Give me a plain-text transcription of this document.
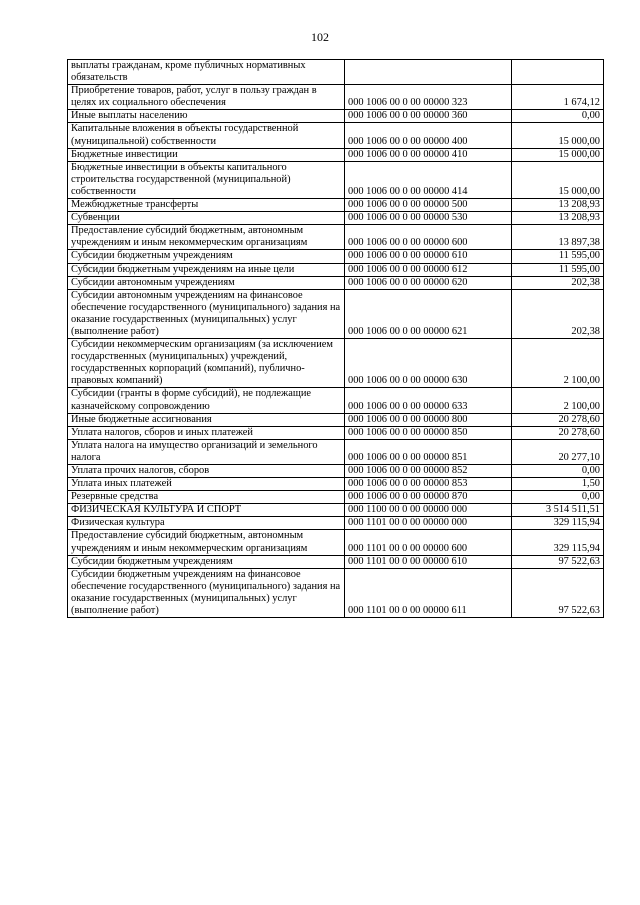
102
выплаты гражданам, кроме публичных нормативных обязательств		
Приобретение товаров, работ, услуг в пользу граждан в целях их социального обеспечения	000 1006 00 0 00 00000 323	1 674,12
Иные выплаты населению	000 1006 00 0 00 00000 360	0,00
Капитальные вложения в объекты государственной (муниципальной) собственности	000 1006 00 0 00 00000 400	15 000,00
Бюджетные инвестиции	000 1006 00 0 00 00000 410	15 000,00
Бюджетные инвестиции в объекты капитального строительства государственной (муниципальной) собственности	000 1006 00 0 00 00000 414	15 000,00
Межбюджетные трансферты	000 1006 00 0 00 00000 500	13 208,93
Субвенции	000 1006 00 0 00 00000 530	13 208,93
Предоставление субсидий бюджетным, автономным учреждениям и иным некоммерческим организациям	000 1006 00 0 00 00000 600	13 897,38
Субсидии бюджетным учреждениям	000 1006 00 0 00 00000 610	11 595,00
Субсидии бюджетным учреждениям на иные цели	000 1006 00 0 00 00000 612	11 595,00
Субсидии автономным учреждениям	000 1006 00 0 00 00000 620	202,38
Субсидии автономным учреждениям на финансовое обеспечение государственного (муниципального) задания на оказание государственных (муниципальных) услуг (выполнение работ)	000 1006 00 0 00 00000 621	202,38
Субсидии некоммерческим организациям (за исключением государственных (муниципальных) учреждений, государственных корпораций (компаний), публично-правовых компаний)	000 1006 00 0 00 00000 630	2 100,00
Субсидии (гранты в форме субсидий), не подлежащие казначейскому сопровождению	000 1006 00 0 00 00000 633	2 100,00
Иные бюджетные ассигнования	000 1006 00 0 00 00000 800	20 278,60
Уплата налогов, сборов и иных платежей	000 1006 00 0 00 00000 850	20 278,60
Уплата налога на имущество организаций и земельного налога	000 1006 00 0 00 00000 851	20 277,10
Уплата прочих налогов, сборов	000 1006 00 0 00 00000 852	0,00
Уплата иных платежей	000 1006 00 0 00 00000 853	1,50
Резервные средства	000 1006 00 0 00 00000 870	0,00
ФИЗИЧЕСКАЯ КУЛЬТУРА И СПОРТ	000 1100 00 0 00 00000 000	3 514 511,51
Физическая культура	000 1101 00 0 00 00000 000	329 115,94
Предоставление субсидий бюджетным, автономным учреждениям и иным некоммерческим организациям	000 1101 00 0 00 00000 600	329 115,94
Субсидии бюджетным учреждениям	000 1101 00 0 00 00000 610	97 522,63
Субсидии бюджетным учреждениям на финансовое обеспечение государственного (муниципального) задания на оказание государственных (муниципальных) услуг (выполнение работ)	000 1101 00 0 00 00000 611	97 522,63
